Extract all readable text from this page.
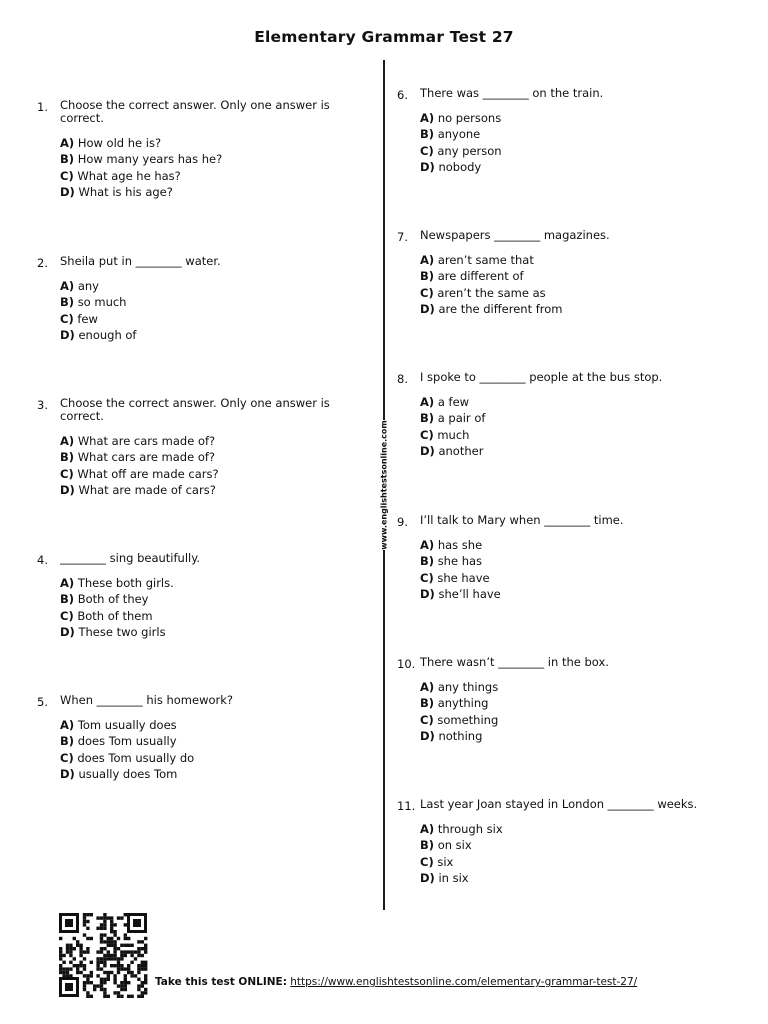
Elementary Grammar Test 27
www.englishtestsonline.com
1.	Choose the correct answer. Only one answer is correct.
A) How old he is?
B) How many years has he?
C) What age he has?
D) What is his age?
2.	Sheila put in ________ water.
A) any
B) so much
C) few
D) enough of
3.	Choose the correct answer. Only one answer is correct.
A) What are cars made of?
B) What cars are made of?
C) What off are made cars?
D) What are made of cars?
4.	________ sing beautifully.
A) These both girls.
B) Both of they
C) Both of them
D) These two girls
5.	When ________ his homework?
A) Tom usually does
B) does Tom usually
C) does Tom usually do
D) usually does Tom
6.	There was ________ on the train.
A) no persons
B) anyone
C) any person
D) nobody
7.	Newspapers ________ magazines.
A) aren’t same that
B) are different of
C) aren’t the same as
D) are the different from
8.	I spoke to ________ people at the bus stop.
A) a few
B) a pair of
C) much
D) another
9.	I’ll talk to Mary when ________ time.
A) has she
B) she has
C) she have
D) she’ll have
10. There wasn’t ________ in the box.
A) any things
B) anything
C) something
D) nothing
11. Last year Joan stayed in London ________ weeks.
A) through six
B) on six
C) six
D) in six
Take this test ONLINE: https://www.englishtestsonline.com/elementary-grammar-test-27/
